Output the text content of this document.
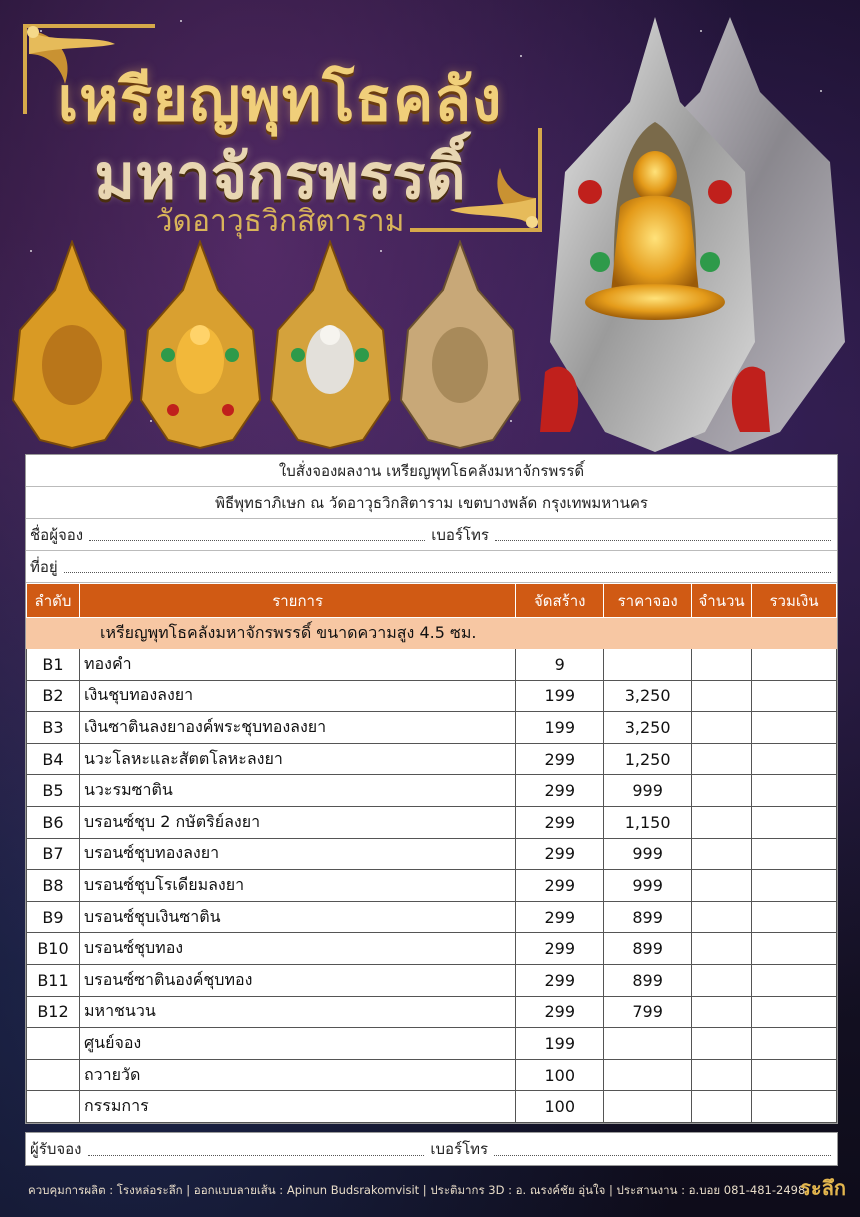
เหรียญพุทโธคลัง
มหาจักรพรรดิ์
วัดอาวุธวิกสิตาราม
ใบสั่งจองผลงาน เหรียญพุทโธคลังมหาจักรพรรดิ์
พิธีพุทธาภิเษก ณ วัดอาวุธวิกสิตาราม เขตบางพลัด กรุงเทพมหานคร
ชื่อผู้จอง	เบอร์โทร
ที่อยู่
ลำดับ	รายการ	จัดสร้าง	ราคาจอง	จำนวน	รวมเงิน
	เหรียญพุทโธคลังมหาจักรพรรดิ์ ขนาดความสูง 4.5 ซม.				
B1	ทองคำ	9			
B2	เงินชุบทองลงยา	199	3,250		
B3	เงินซาตินลงยาองค์พระชุบทองลงยา	199	3,250		
B4	นวะโลหะและสัตตโลหะลงยา	299	1,250		
B5	นวะรมซาติน	299	999		
B6	บรอนซ์ชุบ 2 กษัตริย์ลงยา	299	1,150		
B7	บรอนซ์ชุบทองลงยา	299	999		
B8	บรอนซ์ชุบโรเดียมลงยา	299	999		
B9	บรอนซ์ชุบเงินซาติน	299	899		
B10	บรอนซ์ชุบทอง	299	899		
B11	บรอนซ์ซาตินองค์ชุบทอง	299	899		
B12	มหาชนวน	299	799		
	ศูนย์จอง	199			
	ถวายวัด	100			
	กรรมการ	100			
ผู้รับจอง	เบอร์โทร
ควบคุมการผลิต : โรงหล่อระลึก | ออกแบบลายเส้น : Apinun Budsrakomvisit | ประติมากร 3D : อ. ณรงค์ชัย อุ่นใจ | ประสานงาน : อ.บอย 081-481-2498
ระลึก
